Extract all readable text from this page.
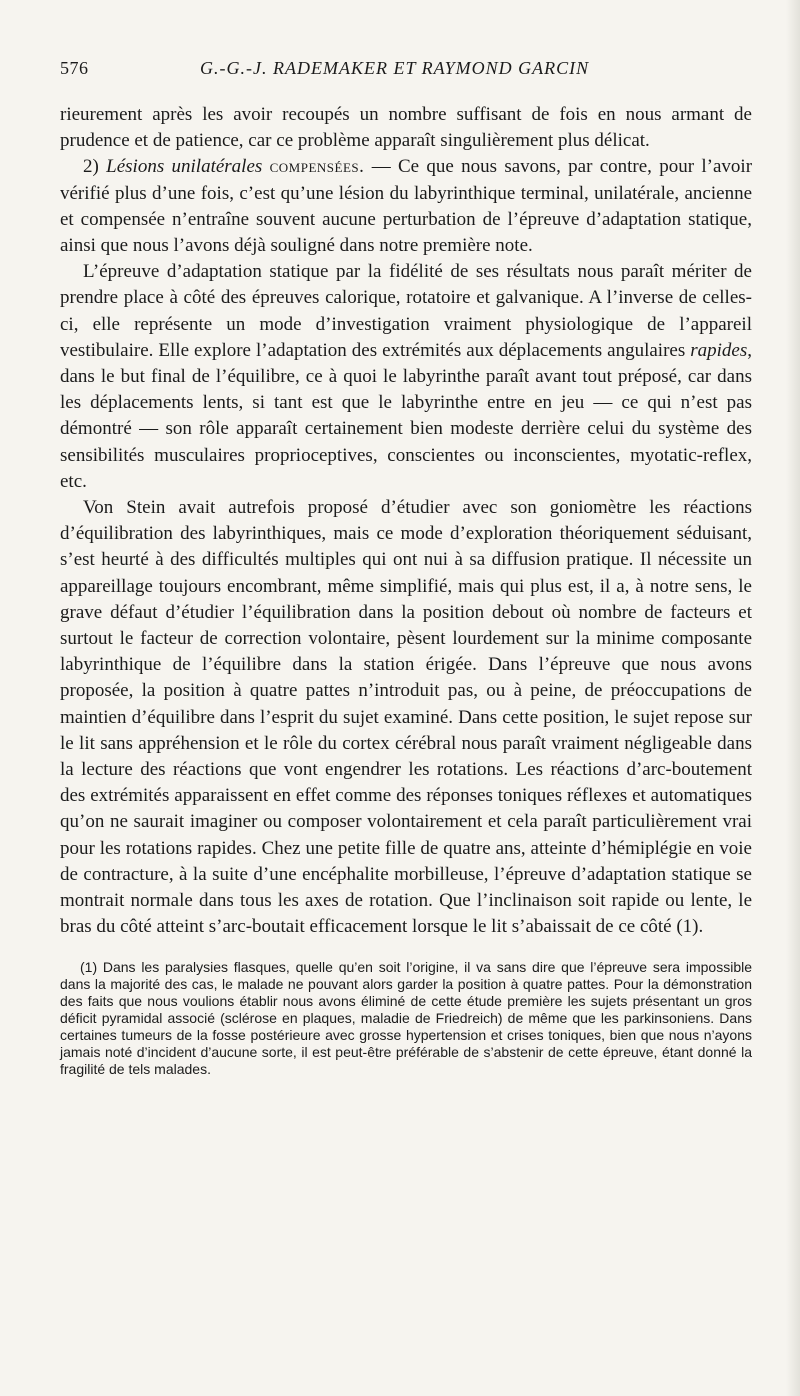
576	G.-G.-J. RADEMAKER ET RAYMOND GARCIN

rieurement après les avoir recoupés un nombre suffisant de fois en nous armant de prudence et de patience, car ce problème apparaît singulièrement plus délicat.

2) Lésions unilatérales compensées. — Ce que nous savons, par contre, pour l’avoir vérifié plus d’une fois, c’est qu’une lésion du labyrinthique terminal, unilatérale, ancienne et compensée n’entraîne souvent aucune perturbation de l’épreuve d’adaptation statique, ainsi que nous l’avons déjà souligné dans notre première note.

L’épreuve d’adaptation statique par la fidélité de ses résultats nous paraît mériter de prendre place à côté des épreuves calorique, rotatoire et galvanique. A l’inverse de celles-ci, elle représente un mode d’investigation vraiment physiologique de l’appareil vestibulaire. Elle explore l’adaptation des extrémités aux déplacements angulaires rapides, dans le but final de l’équilibre, ce à quoi le labyrinthe paraît avant tout préposé, car dans les déplacements lents, si tant est que le labyrinthe entre en jeu — ce qui n’est pas démontré — son rôle apparaît certainement bien modeste derrière celui du système des sensibilités musculaires proprioceptives, conscientes ou inconscientes, myotatic-reflex, etc.

Von Stein avait autrefois proposé d’étudier avec son goniomètre les réactions d’équilibration des labyrinthiques, mais ce mode d’exploration théoriquement séduisant, s’est heurté à des difficultés multiples qui ont nui à sa diffusion pratique. Il nécessite un appareillage toujours encombrant, même simplifié, mais qui plus est, il a, à notre sens, le grave défaut d’étudier l’équilibration dans la position debout où nombre de facteurs et surtout le facteur de correction volontaire, pèsent lourdement sur la minime composante labyrinthique de l’équilibre dans la station érigée. Dans l’épreuve que nous avons proposée, la position à quatre pattes n’introduit pas, ou à peine, de préoccupations de maintien d’équilibre dans l’esprit du sujet examiné. Dans cette position, le sujet repose sur le lit sans appréhension et le rôle du cortex cérébral nous paraît vraiment négligeable dans la lecture des réactions que vont engendrer les rotations. Les réactions d’arc-boutement des extrémités apparaissent en effet comme des réponses toniques réflexes et automatiques qu’on ne saurait imaginer ou composer volontairement et cela paraît particulièrement vrai pour les rotations rapides. Chez une petite fille de quatre ans, atteinte d’hémiplégie en voie de contracture, à la suite d’une encéphalite morbilleuse, l’épreuve d’adaptation statique se montrait normale dans tous les axes de rotation. Que l’inclinaison soit rapide ou lente, le bras du côté atteint s’arc-boutait efficacement lorsque le lit s’abaissait de ce côté (1).

(1) Dans les paralysies flasques, quelle qu’en soit l’origine, il va sans dire que l’épreuve sera impossible dans la majorité des cas, le malade ne pouvant alors garder la position à quatre pattes. Pour la démonstration des faits que nous voulions établir nous avons éliminé de cette étude première les sujets présentant un gros déficit pyramidal associé (sclérose en plaques, maladie de Friedreich) de même que les parkinsoniens. Dans certaines tumeurs de la fosse postérieure avec grosse hypertension et crises toniques, bien que nous n’ayons jamais noté d’incident d’aucune sorte, il est peut-être préférable de s’abstenir de cette épreuve, étant donné la fragilité de tels malades.
